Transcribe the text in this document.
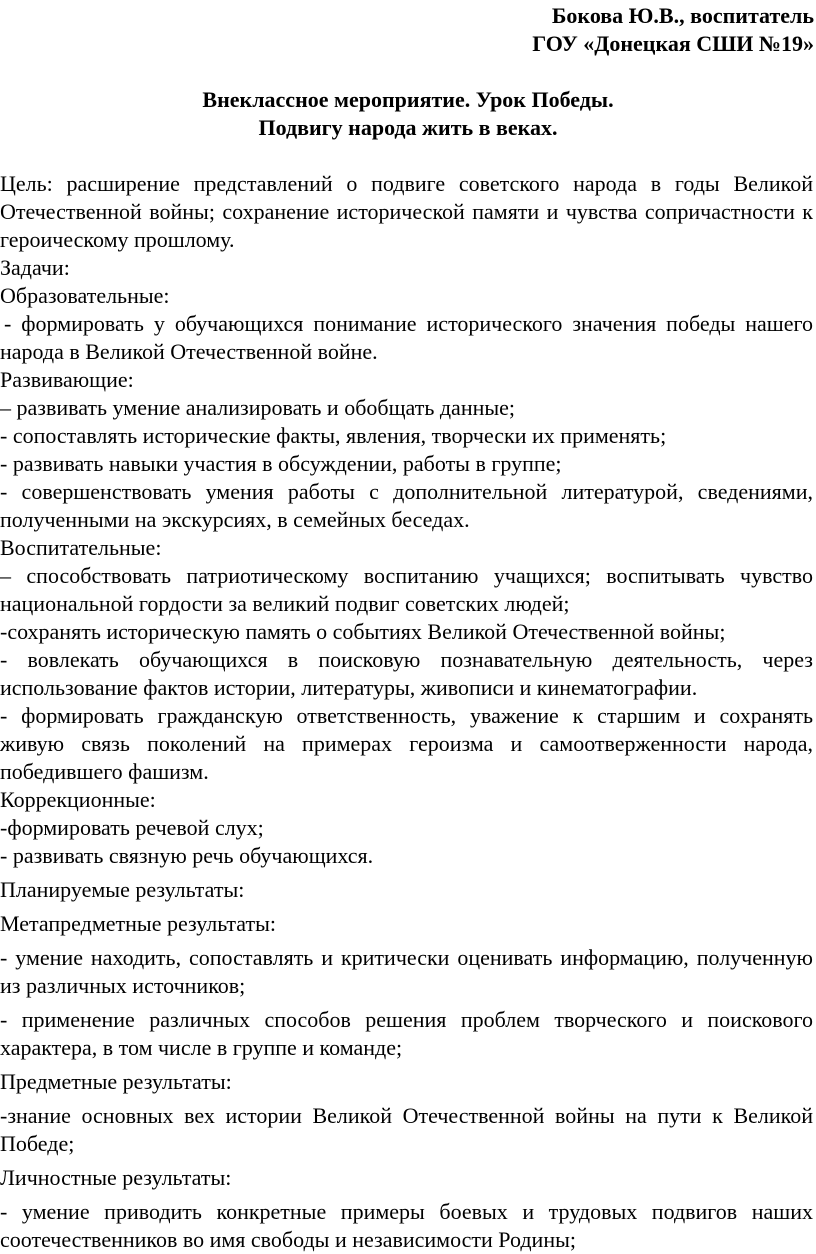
Бокова Ю.В., воспитатель
ГОУ «Донецкая СШИ №19»
Внеклассное мероприятие. Урок Победы.
Подвигу народа жить в веках.

Цель: расширение представлений о подвиге советского народа в годы Великой Отечественной войны; сохранение исторической памяти и чувства сопричастности к героическому прошлому.

Задачи:

Образовательные:

- формировать у обучающихся понимание исторического значения победы нашего народа в Великой Отечественной войне.

Развивающие:

– развивать умение анализировать и обобщать данные;

- сопоставлять исторические факты, явления, творчески их применять;

- развивать навыки участия в обсуждении, работы в группе;

- совершенствовать умения работы с дополнительной литературой, сведениями, полученными на экскурсиях, в семейных беседах.

Воспитательные:

– способствовать патриотическому воспитанию учащихся; воспитывать чувство национальной гордости за великий подвиг советских людей;

-сохранять историческую память о событиях Великой Отечественной войны;

- вовлекать обучающихся в поисковую познавательную деятельность, через использование фактов истории, литературы, живописи и кинематографии.

- формировать гражданскую ответственность, уважение к старшим и сохранять живую связь поколений на примерах героизма и самоотверженности народа, победившего фашизм.

Коррекционные:

-формировать речевой слух;

- развивать связную речь обучающихся.

Планируемые результаты:

Метапредметные результаты:

- умение находить, сопоставлять и критически оценивать информацию, полученную из различных источников;

- применение различных способов решения проблем творческого и поискового характера, в том числе в группе и команде;

Предметные результаты:

-знание основных вех истории Великой Отечественной войны на пути к Великой Победе;

Личностные результаты:

- умение приводить конкретные примеры боевых и трудовых подвигов наших соотечественников во имя свободы и независимости Родины;
